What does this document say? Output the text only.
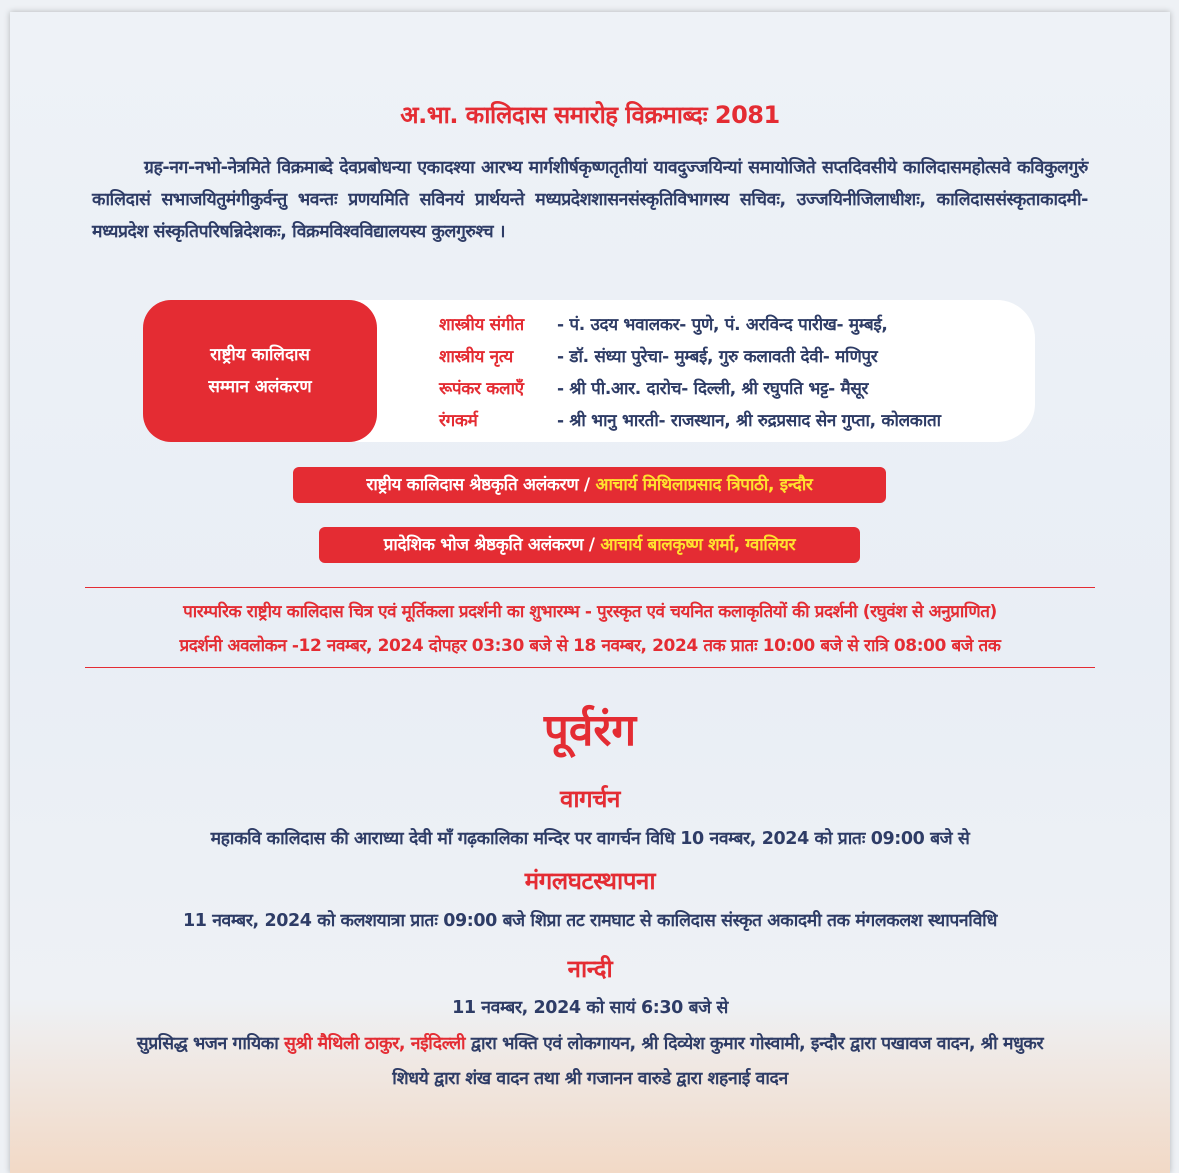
अ.भा. कालिदास समारोह विक्रमाब्दः 2081
ग्रह-नग-नभो-नेत्रमिते विक्रमाब्दे देवप्रबोधन्या एकादश्या आरभ्य मार्गशीर्षकृष्णतृतीयां यावदुज्जयिन्यां समायोजिते सप्तदिवसीये कालिदासमहोत्सवे कविकुलगुरुं कालिदासं सभाजयितुमंगीकुर्वन्तु भवन्तः प्रणयमिति सविनयं प्रार्थयन्ते मध्यप्रदेशशासनसंस्कृतिविभागस्य सचिवः, उज्जयिनीजिलाधीशः, कालिदाससंस्कृताकादमी-मध्यप्रदेश संस्कृतिपरिषन्निदेशकः, विक्रमविश्वविद्यालयस्य कुलगुरुश्च ।
राष्ट्रीय कालिदास
सम्मान अलंकरण
शास्त्रीय संगीत - पं. उदय भवालकर- पुणे, पं. अरविन्द पारीख- मुम्बई,
शास्त्रीय नृत्य	- डॉ. संध्या पुरेचा- मुम्बई, गुरु कलावती देवी- मणिपुर
रूपंकर कलाएँ - श्री पी.आर. दारोच- दिल्ली, श्री रघुपति भट्ट- मैसूर
रंगकर्म	- श्री भानु भारती- राजस्थान, श्री रुद्रप्रसाद सेन गुप्ता, कोलकाता
राष्ट्रीय कालिदास श्रेष्ठकृति अलंकरण / आचार्य मिथिलाप्रसाद त्रिपाठी, इन्दौर
प्रादेशिक भोज श्रेष्ठकृति अलंकरण / आचार्य बालकृष्ण शर्मा, ग्वालियर
पारम्परिक राष्ट्रीय कालिदास चित्र एवं मूर्तिकला प्रदर्शनी का शुभारम्भ - पुरस्कृत एवं चयनित कलाकृतियों की प्रदर्शनी (रघुवंश से अनुप्राणित)
प्रदर्शनी अवलोकन -12 नवम्बर, 2024 दोपहर 03:30 बजे से 18 नवम्बर, 2024 तक प्रातः 10:00 बजे से रात्रि 08:00 बजे तक
पूर्वरंग
वागर्चन
महाकवि कालिदास की आराध्या देवी माँ गढ़कालिका मन्दिर पर वागर्चन विधि 10 नवम्बर, 2024 को प्रातः 09:00 बजे से
मंगलघटस्थापना
11 नवम्बर, 2024 को कलशयात्रा प्रातः 09:00 बजे शिप्रा तट रामघाट से कालिदास संस्कृत अकादमी तक मंगलकलश स्थापनविधि
नान्दी
11 नवम्बर, 2024 को सायं 6:30 बजे से
सुप्रसिद्ध भजन गायिका सुश्री मैथिली ठाकुर, नईदिल्ली द्वारा भक्ति एवं लोकगायन, श्री दिव्येश कुमार गोस्वामी, इन्दौर द्वारा पखावज वादन, श्री मधुकर
शिधये द्वारा शंख वादन तथा श्री गजानन वारुडे द्वारा शहनाई वादन
